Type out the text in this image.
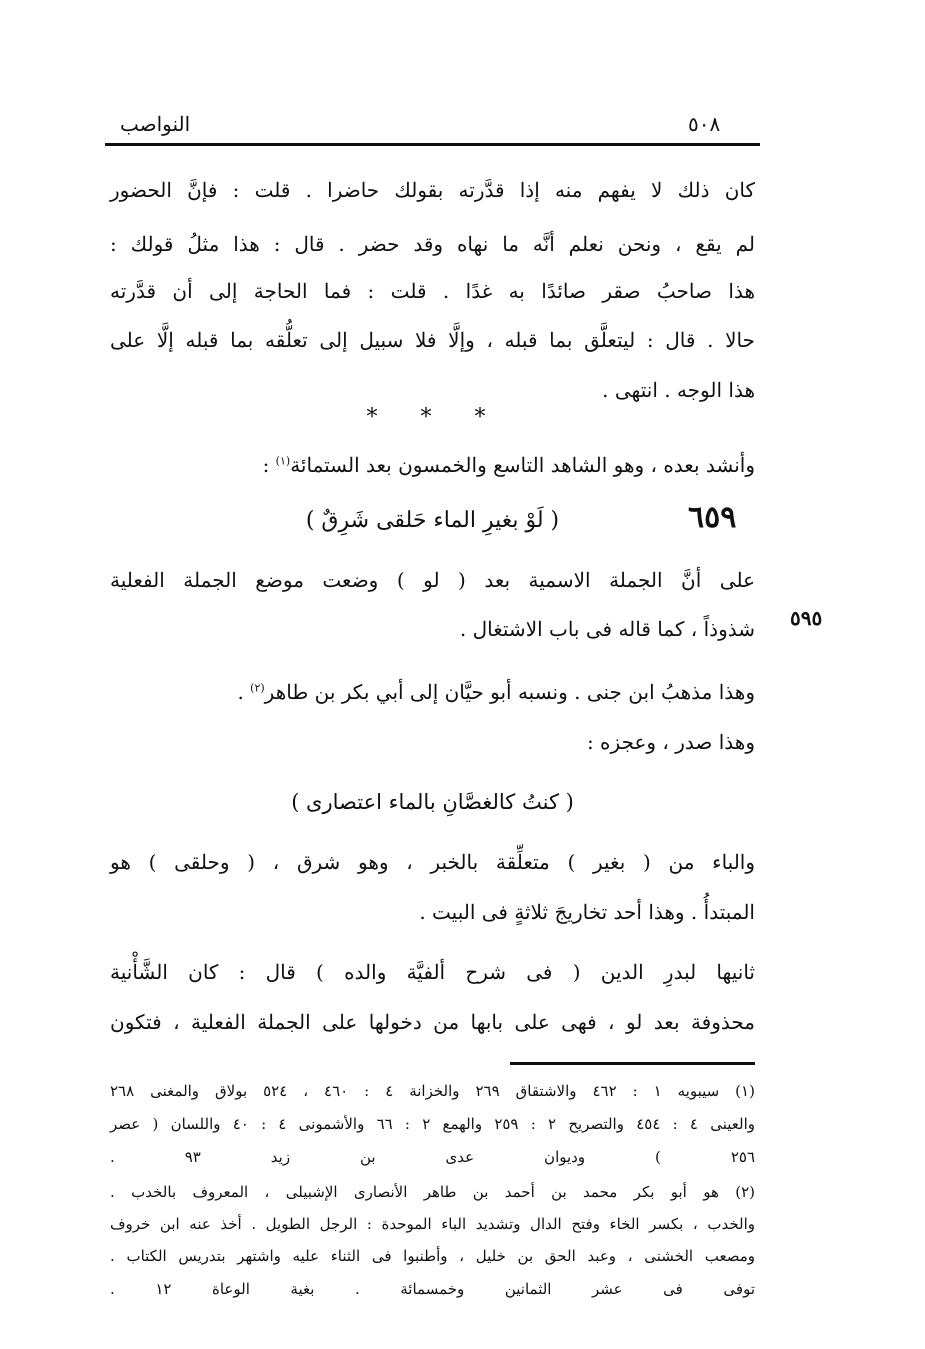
النواصب	٥٠٨
كان ذلك لا يفهم منه إذا قدَّرته بقولك حاضرا . قلت : فإنَّ الحضور
لم يقع ، ونحن نعلم أنَّه ما نهاه وقد حضر . قال : هذا مثلُ قولك :
هذا صاحبُ صقر صائدًا به غدًا . قلت : فما الحاجة إلى أن قدَّرته
حالا . قال : ليتعلَّق بما قبله ، وإلَّا فلا سبيل إلى تعلُّقه بما قبله إلَّا على
هذا الوجه . انتهى .
* * *
وأنشد بعده ، وهو الشاهد التاسع والخمسون بعد الستمائة$^{(١)}$ :
٦٥٩
( لَوْ بغيرِ الماء حَلقى شَرِقٌ )
٥٩٥
على أنَّ الجملة الاسمية بعد ( لو ) وضعت موضع الجملة الفعلية
شذوذاً ، كما قاله فى باب الاشتغال .
وهذا مذهبُ ابن جنى . ونسبه أبو حيَّان إلى أبي بكر بن طاهر$^{(٢)}$ .
وهذا صدر ، وعجزه :
( كنتُ كالغصَّانِ بالماء اعتصارى )
والباء من ( بغير ) متعلِّقة بالخبر ، وهو شرق ، ( وحلقى ) هو
المبتدأُ . وهذا أحد تخاريجَ ثلاثةٍ فى البيت .
ثانيها لبدرِ الدين ( فى شرح ألفيَّة والده ) قال : كان الشَّأْنية
محذوفة بعد لو ، فهى على بابها من دخولها على الجملة الفعلية ، فتكون
(١) سيبويه ١ : ٤٦٢ والاشتقاق ٢٦٩ والخزانة ٤ : ٤٦٠ ، ٥٢٤ بولاق والمغنى ٢٦٨
والعينى ٤ : ٤٥٤ والتصريح ٢ : ٢٥٩ والهمع ٢ : ٦٦ والأشمونى ٤ : ٤٠ واللسان ( عصر
٢٥٦ ) وديوان عدى بن زيد ٩٣ .
(٢) هو أبو بكر محمد بن أحمد بن طاهر الأنصارى الإشبيلى ، المعروف بالخدب .
والخدب ، بكسر الخاء وفتح الدال وتشديد الباء الموحدة : الرجل الطويل . أخذ عنه ابن خروف
ومصعب الخشنى ، وعبد الحق بن خليل ، وأطنبوا فى الثناء عليه واشتهر بتدريس الكتاب .
توفى فى عشر الثمانين وخمسمائة . بغية الوعاة ١٢ .
